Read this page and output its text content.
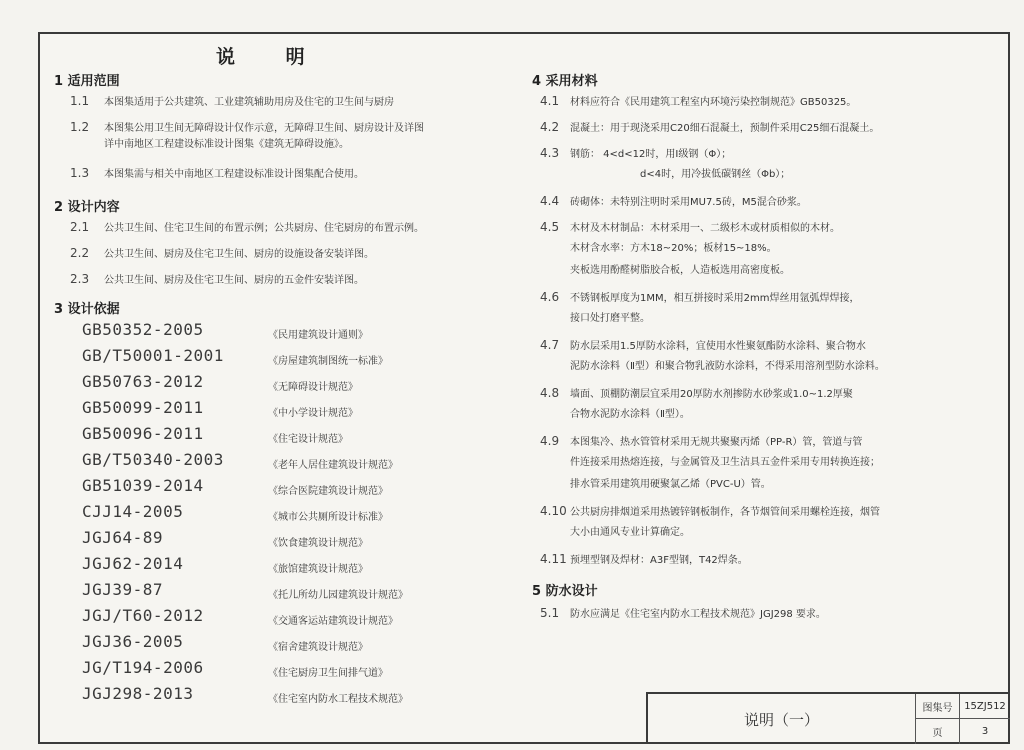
说 明
1 适用范围
1.1 本图集适用于公共建筑、工业建筑辅助用房及住宅的卫生间与厨房
1.2 本图集公用卫生间无障碍设计仅作示意，无障碍卫生间、厨房设计及详图
详中南地区工程建设标准设计图集《建筑无障碍设施》。
1.3 本图集需与相关中南地区工程建设标准设计图集配合使用。
2 设计内容
2.1 公共卫生间、住宅卫生间的布置示例；公共厨房、住宅厨房的布置示例。
2.2 公共卫生间、厨房及住宅卫生间、厨房的设施设备安装详图。
2.3 公共卫生间、厨房及住宅卫生间、厨房的五金件安装详图。
3 设计依据
GB50352-2005	《民用建筑设计通则》
GB/T50001-2001	《房屋建筑制图统一标准》
GB50763-2012	《无障碍设计规范》
GB50099-2011	《中小学设计规范》
GB50096-2011	《住宅设计规范》
GB/T50340-2003	《老年人居住建筑设计规范》
GB51039-2014	《综合医院建筑设计规范》
CJJ14-2005	《城市公共厕所设计标准》
JGJ64-89	《饮食建筑设计规范》
JGJ62-2014	《旅馆建筑设计规范》
JGJ39-87	《托儿所幼儿园建筑设计规范》
JGJ/T60-2012	《交通客运站建筑设计规范》
JGJ36-2005	《宿舍建筑设计规范》
JG/T194-2006	《住宅厨房卫生间排气道》
JGJ298-2013	《住宅室内防水工程技术规范》
4 采用材料
4.1 材料应符合《民用建筑工程室内环境污染控制规范》GB50325。
4.2 混凝土：用于现浇采用C20细石混凝土，预制件采用C25细石混凝土。
4.3 钢筋： 4<d<12时，用Ⅰ级钢（Φ）；
d<4时，用冷拔低碳钢丝（Φb）；
4.4 砖砌体：未特别注明时采用MU7.5砖，M5混合砂浆。
4.5 木材及木材制品：木材采用一、二级杉木或材质相似的木材。
木材含水率：方木18~20%；板材15~18%。
夹板选用酚醛树脂胶合板，人造板选用高密度板。
4.6 不锈钢板厚度为1MM，相互拼接时采用2mm焊丝用氩弧焊焊接，
接口处打磨平整。
4.7 防水层采用1.5厚防水涂料，宜使用水性聚氨酯防水涂料、聚合物水
泥防水涂料（Ⅱ型）和聚合物乳液防水涂料，不得采用溶剂型防水涂料。
4.8 墙面、顶棚防潮层宜采用20厚防水剂掺防水砂浆或1.0~1.2厚聚
合物水泥防水涂料（Ⅱ型）。
4.9 本图集冷、热水管管材采用无规共聚聚丙烯（PP-R）管，管道与管
件连接采用热熔连接，与金属管及卫生洁具五金件采用专用转换连接；
排水管采用建筑用硬聚氯乙烯（PVC-U）管。
4.10 公共厨房排烟道采用热镀锌钢板制作，各节烟管间采用螺栓连接，烟管
大小由通风专业计算确定。
4.11 预埋型钢及焊材：A3F型钢，T42焊条。
5 防水设计
5.1 防水应满足《住宅室内防水工程技术规范》JGJ298 要求。
说明（一）
图集号	15ZJ512
页	3
